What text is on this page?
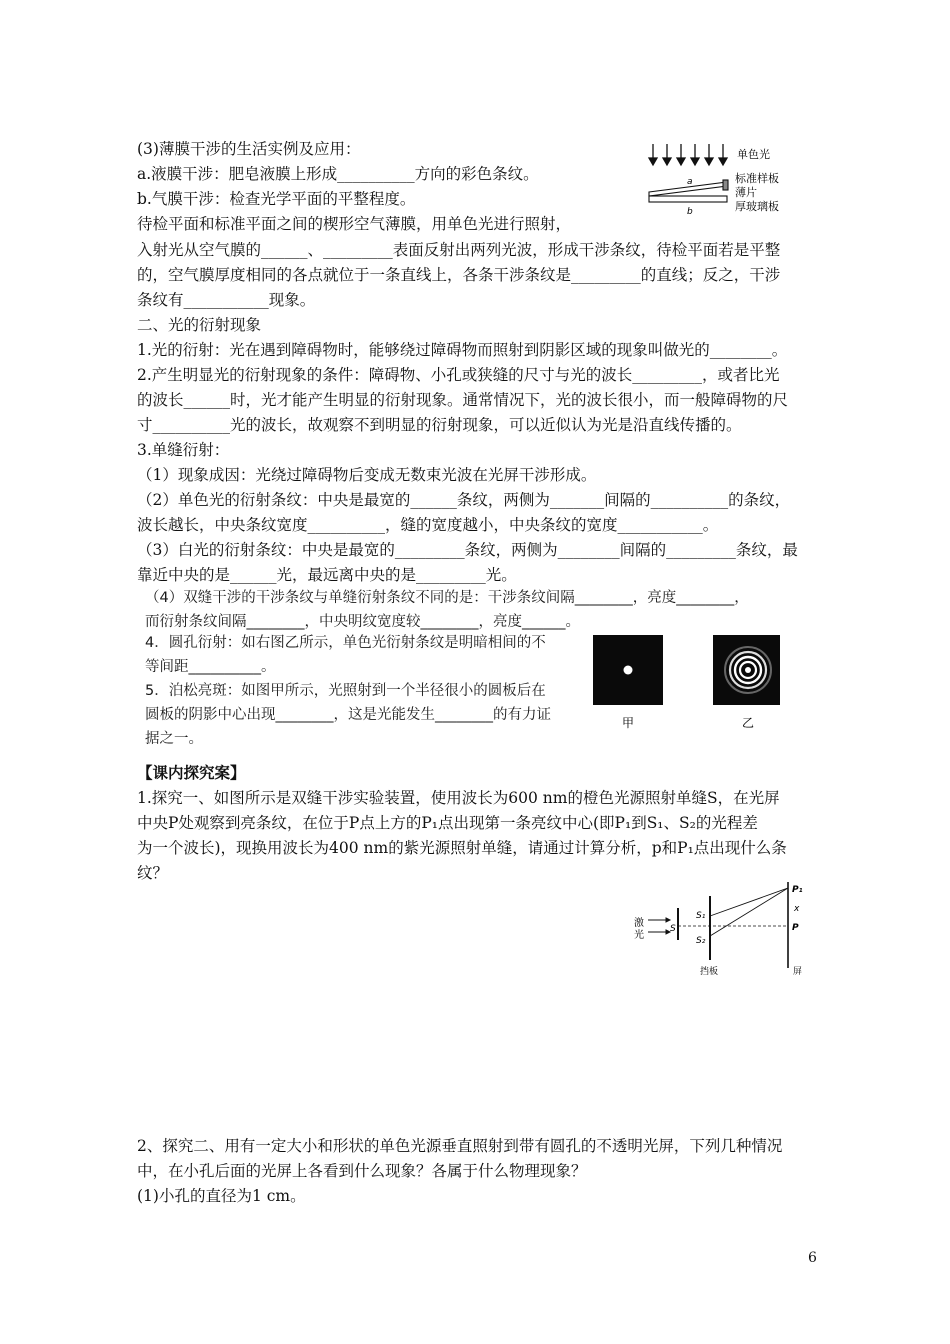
(3)薄膜干涉的生活实例及应用：
a.液膜干涉：肥皂液膜上形成__________方向的彩色条纹。
b.气膜干涉：检查光学平面的平整程度。
待检平面和标准平面之间的楔形空气薄膜，用单色光进行照射，
入射光从空气膜的______、_________表面反射出两列光波，形成干涉条纹，待检平面若是平整
的，空气膜厚度相同的各点就位于一条直线上，各条干涉条纹是_________的直线；反之，干涉
条纹有___________现象。
二、光的衍射现象
1.光的衍射：光在遇到障碍物时，能够绕过障碍物而照射到阴影区域的现象叫做光的________。
2.产生明显光的衍射现象的条件：障碍物、小孔或狭缝的尺寸与光的波长_________，或者比光
的波长______时，光才能产生明显的衍射现象。通常情况下，光的波长很小，而一般障碍物的尺
寸__________光的波长，故观察不到明显的衍射现象，可以近似认为光是沿直线传播的。
3.单缝衍射：
（1）现象成因：光绕过障碍物后变成无数束光波在光屏干涉形成。
（2）单色光的衍射条纹：中央是最宽的______条纹，两侧为_______间隔的__________的条纹，
波长越长，中央条纹宽度__________，缝的宽度越小，中央条纹的宽度___________。
（3）白光的衍射条纹：中央是最宽的_________条纹，两侧为________间隔的_________条纹，最
靠近中央的是______光，最远离中央的是_________光。
（4）双缝干涉的干涉条纹与单缝衍射条纹不同的是：干涉条纹间隔________，亮度________，
而衍射条纹间隔________，中央明纹宽度较________，亮度______。
4．圆孔衍射：如右图乙所示，单色光衍射条纹是明暗相间的不
等间距__________。
5．泊松亮斑：如图甲所示，光照射到一个半径很小的圆板后在
圆板的阴影中心出现________，这是光能发生________的有力证
据之一。
【课内探究案】
1.探究一、如图所示是双缝干涉实验装置，使用波长为600 nm的橙色光源照射单缝S，在光屏
中央P处观察到亮条纹，在位于P点上方的P₁点出现第一条亮纹中心(即P₁到S₁、S₂的光程差
为一个波长)，现换用波长为400 nm的紫光源照射单缝，请通过计算分析，p和P₁点出现什么条
纹？
2、探究二、用有一定大小和形状的单色光源垂直照射到带有圆孔的不透明光屏，下列几种情况
中，在小孔后面的光屏上各看到什么现象？各属于什么物理现象？
(1)小孔的直径为1 cm。
单色光
a
b
标准样板
薄片
厚玻璃板
甲	乙
激
光
S
S₁
S₂
P₁
x
P
挡板	屏
6
